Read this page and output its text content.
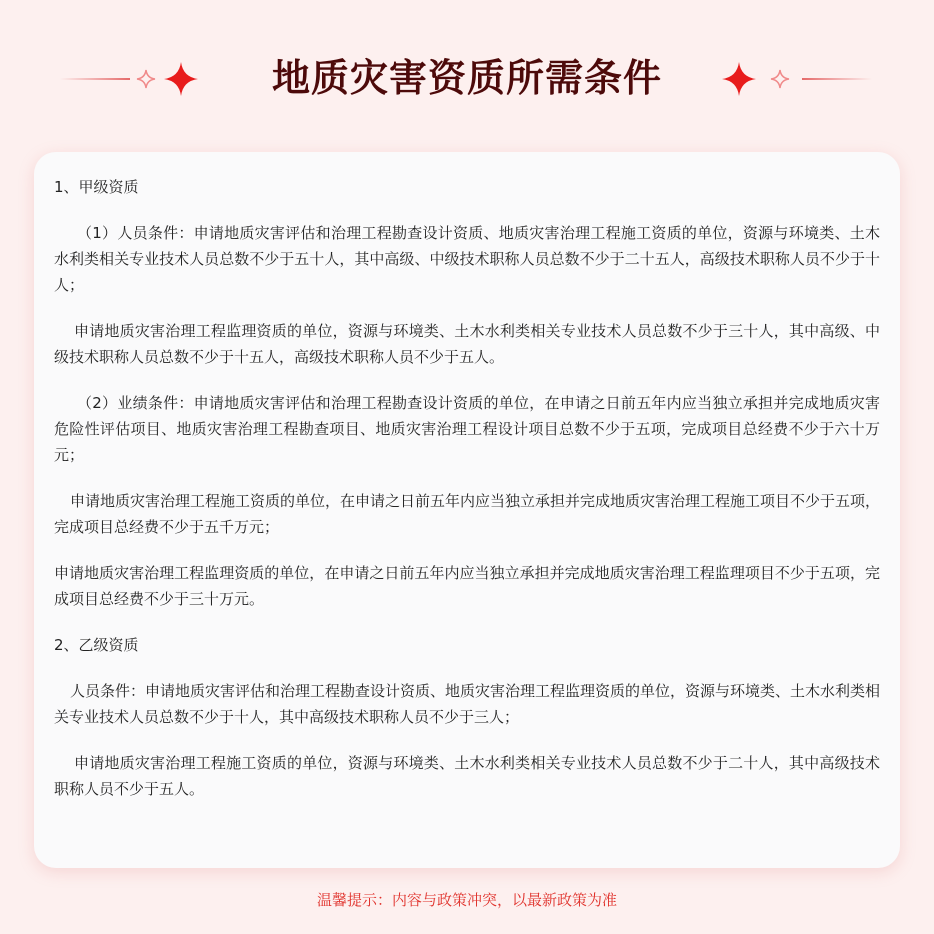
地质灾害资质所需条件

1、甲级资质

（1）人员条件：申请地质灾害评估和治理工程勘查设计资质、地质灾害治理工程施工资质的单位，资源与环境类、土木水利类相关专业技术人员总数不少于五十人，其中高级、中级技术职称人员总数不少于二十五人，高级技术职称人员不少于十人；

申请地质灾害治理工程监理资质的单位，资源与环境类、土木水利类相关专业技术人员总数不少于三十人，其中高级、中级技术职称人员总数不少于十五人，高级技术职称人员不少于五人。

（2）业绩条件：申请地质灾害评估和治理工程勘查设计资质的单位，在申请之日前五年内应当独立承担并完成地质灾害危险性评估项目、地质灾害治理工程勘查项目、地质灾害治理工程设计项目总数不少于五项，完成项目总经费不少于六十万元；

申请地质灾害治理工程施工资质的单位，在申请之日前五年内应当独立承担并完成地质灾害治理工程施工项目不少于五项，完成项目总经费不少于五千万元；

申请地质灾害治理工程监理资质的单位，在申请之日前五年内应当独立承担并完成地质灾害治理工程监理项目不少于五项，完成项目总经费不少于三十万元。

2、乙级资质

人员条件：申请地质灾害评估和治理工程勘查设计资质、地质灾害治理工程监理资质的单位，资源与环境类、土木水利类相关专业技术人员总数不少于十人，其中高级技术职称人员不少于三人；

申请地质灾害治理工程施工资质的单位，资源与环境类、土木水利类相关专业技术人员总数不少于二十人，其中高级技术职称人员不少于五人。

温馨提示：内容与政策冲突，以最新政策为准
